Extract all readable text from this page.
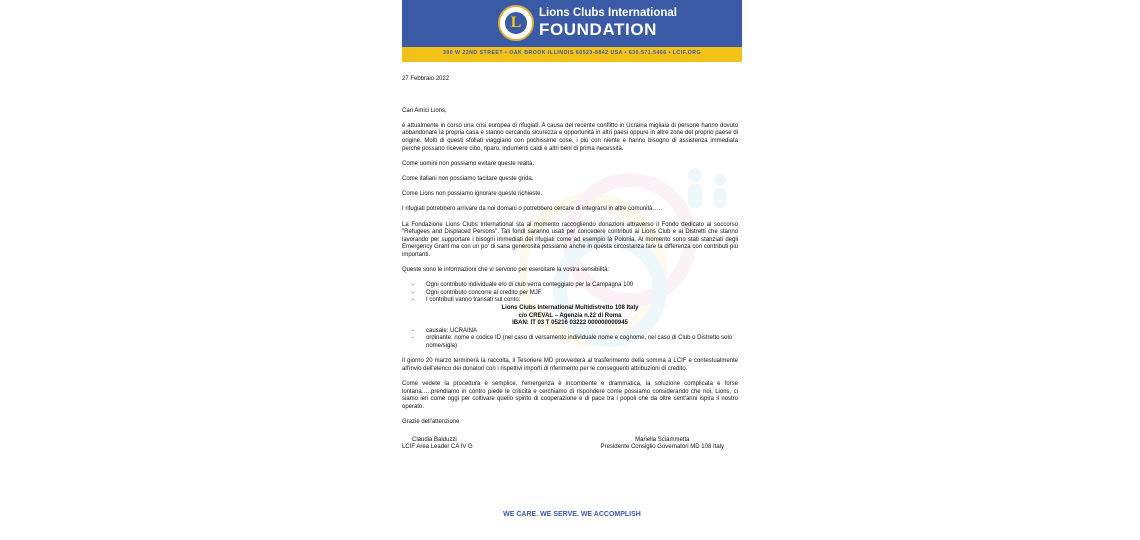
L
Lions Clubs International
FOUNDATION
300 W 22ND STREET • OAK BROOK ILLINOIS 60523-8842 USA • 630.571.5466 • LCIF.ORG

27 Febbraio 2022

Cari Amici Lions,

è attualmente in corso una crisi europea di rifugiati. A causa del recente conflitto in Ucraina migliaia di persone hanno dovuto abbandonare la propria casa e stanno cercando sicurezza e opportunità in altri paesi oppure in altre zone del proprio paese di origine. Molti di questi sfollati viaggiano con pochissime cose, i più con niente e hanno bisogno di assistenza immediata perché possano ricevere cibo, riparo, indumenti caldi e altri beni di prima necessità.

Come uomini non possiamo evitare queste realtà.

Come italiani non possiamo tacitare queste grida.

Come Lions non possiamo ignorare queste richieste.

I rifugiati potrebbero arrivare da noi domani o potrebbero cercare di integrarsi in altre comunità…..

La Fondazione Lions Clubs International sta al momento raccogliendo donazioni attraverso il Fondo dedicato al soccorso "Refugees and Displaced Persons". Tali fondi saranno usati per concedere contributi ai Lions Club e ai Distretti che stanno lavorando per supportare i bisogni immediati dei rifugiati come ad esempio la Polonia. Al momento sono stati stanziati degli Emergency Grant ma con un po' di sana generosità possiamo anche in questa circostanza fare la differenza con contributi più importanti.

Queste sono le informazioni che vi servono per esercitare la vostra sensibilità:

- Ogni contributo individuale e/o di club verrà conteggiato per la Campagna 100
- Ogni contributo concorre al credito per MJF
- I contributi vanno transati sul conto:
Lions Clubs International Multidistretto 108 Italy
c/o CREVAL – Agenzia n.22 di Roma
IBAN: IT 03 T 05216 03222 000000000945
- causale: UCRAINA
- ordinante: nome e codice ID (nel caso di versamento individuale nome e cognome, nel caso di Club o Distretto solo nome/sigla)

Il giorno 20 marzo terminerà la raccolta, il Tesoriere MD provvederà al trasferimento della somma a LCIF e contestualmente all'invio dell'elenco dei donatori con i rispettivi importi di riferimento per le conseguenti attribuzioni di credito.

Come vedete la procedura è semplice, l'emergenza è incombente e drammatica, la soluzione complicata e forse lontana…..prendiamo in contro piede le criticità e cerchiamo di rispondere come possiamo considerando che noi, Lions, ci siamo ieri come oggi per coltivare quello spirito di cooperazione e di pace tra i popoli che da oltre cent'anni ispira il nostro operato.

Grazie dell'attenzione

Claudia Balduzzi
LCIF Area Leader CA IV G
Mariella Sciammetta
Presidente Consiglio Governatori MD 108 Italy
WE CARE. WE SERVE. WE ACCOMPLISH
